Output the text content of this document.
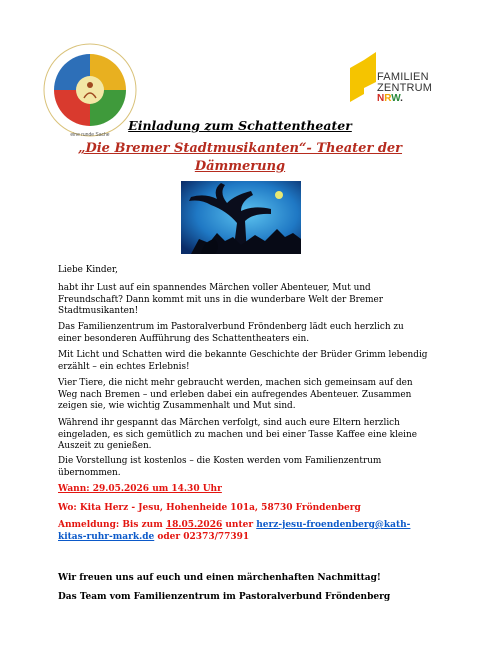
eine runde Sache
FAMILIEN
ZENTRUM
NRW.
Einladung zum Schattentheater
„Die Bremer Stadtmusikanten“- Theater der
Dämmerung
Liebe Kinder,
habt ihr Lust auf ein spannendes Märchen voller Abenteuer, Mut und Freundschaft? Dann kommt mit uns in die wunderbare Welt der Bremer Stadtmusikanten!
Das Familienzentrum im Pastoralverbund Fröndenberg lädt euch herzlich zu einer besonderen Aufführung des Schattentheaters ein.
Mit Licht und Schatten wird die bekannte Geschichte der Brüder Grimm lebendig erzählt – ein echtes Erlebnis!
Vier Tiere, die nicht mehr gebraucht werden, machen sich gemeinsam auf den Weg nach Bremen – und erleben dabei ein aufregendes Abenteuer. Zusammen zeigen sie, wie wichtig Zusammenhalt und Mut sind.
Während ihr gespannt das Märchen verfolgt, sind auch eure Eltern herzlich eingeladen, es sich gemütlich zu machen und bei einer Tasse Kaffee eine kleine Auszeit zu genießen.
Die Vorstellung ist kostenlos – die Kosten werden vom Familienzentrum übernommen.
Wann: 29.05.2026 um 14.30 Uhr
Wo: Kita Herz - Jesu, Hohenheide 101a, 58730 Fröndenberg
Anmeldung: Bis zum 18.05.2026 unter herz-jesu-froendenberg@kath-kitas-ruhr-mark.de oder 02373/77391
Wir freuen uns auf euch und einen märchenhaften Nachmittag!
Das Team vom Familienzentrum im Pastoralverbund Fröndenberg
